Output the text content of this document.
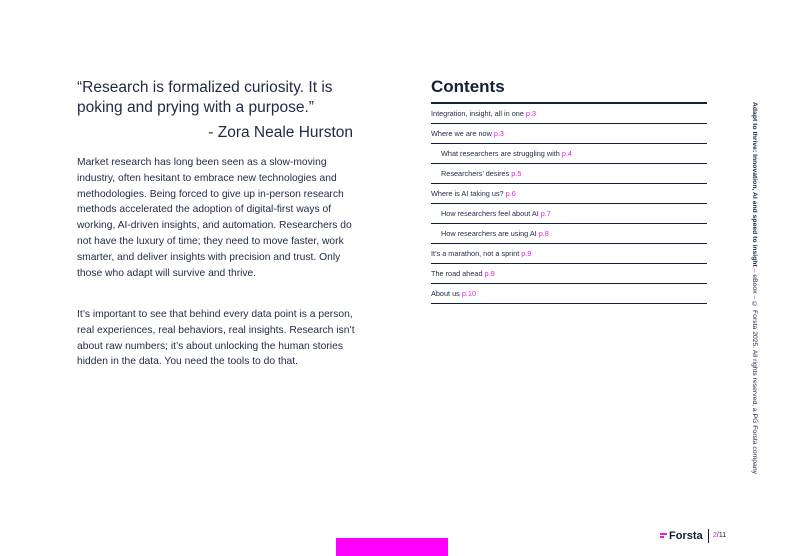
“Research is formalized curiosity. It is poking and prying with a purpose.”
- Zora Neale Hurston
Market research has long been seen as a slow-moving industry, often hesitant to embrace new technologies and methodologies. Being forced to give up in-person research methods accelerated the adoption of digital-first ways of working, AI-driven insights, and automation. Researchers do not have the luxury of time; they need to move faster, work smarter, and deliver insights with precision and trust. Only those who adapt will survive and thrive.
It’s important to see that behind every data point is a person, real experiences, real behaviors, real insights. Research isn’t about raw numbers; it’s about unlocking the human stories hidden in the data. You need the tools to do that.
Contents
Integration, insight, all in one p.3
Where we are now p.3
What researchers are struggling with p.4
Researchers’ desires p.5
Where is AI taking us? p.6
How researchers feel about AI p.7
How researchers are using AI p.8
It’s a marathon, not a sprint p.9
The road ahead p.9
About us p.10
Adapt to thrive: Innovation, AI and speed to insight – eBook – © Forsta 2025. All rights reserved, a PG Forsta company
Forsta 2/11
